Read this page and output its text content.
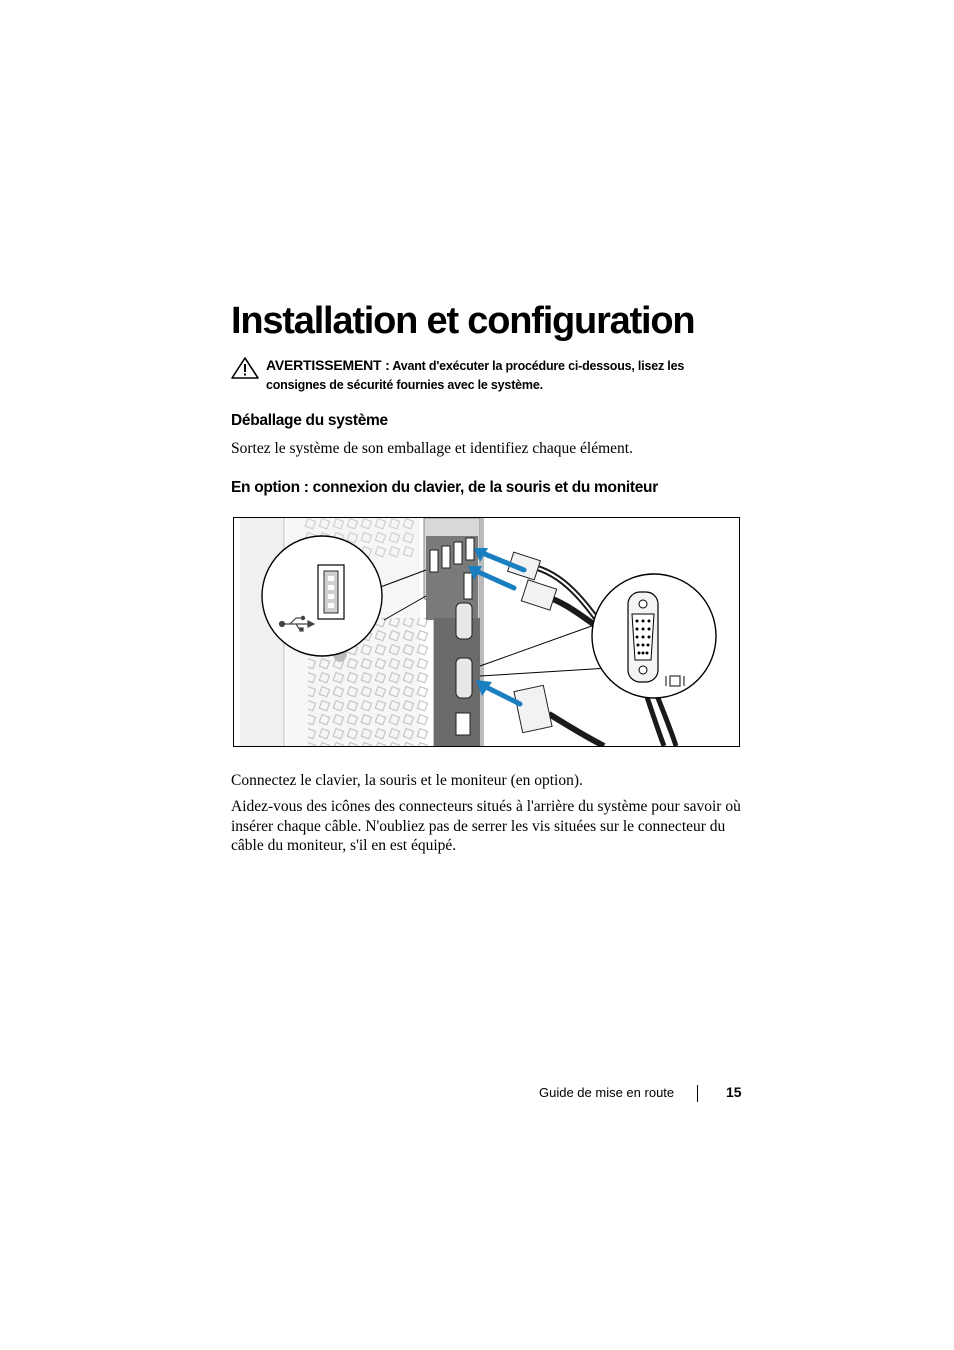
Installation et configuration
AVERTISSEMENT : Avant d'exécuter la procédure ci-dessous, lisez les consignes de sécurité fournies avec le système.
Déballage du système
Sortez le système de son emballage et identifiez chaque élément.
En option : connexion du clavier, de la souris et du moniteur
Connectez le clavier, la souris et le moniteur (en option).
Aidez-vous des icônes des connecteurs situés à l'arrière du système pour savoir où insérer chaque câble. N'oubliez pas de serrer les vis situées sur le connecteur du câble du moniteur, s'il en est équipé.
Guide de mise en route	15
